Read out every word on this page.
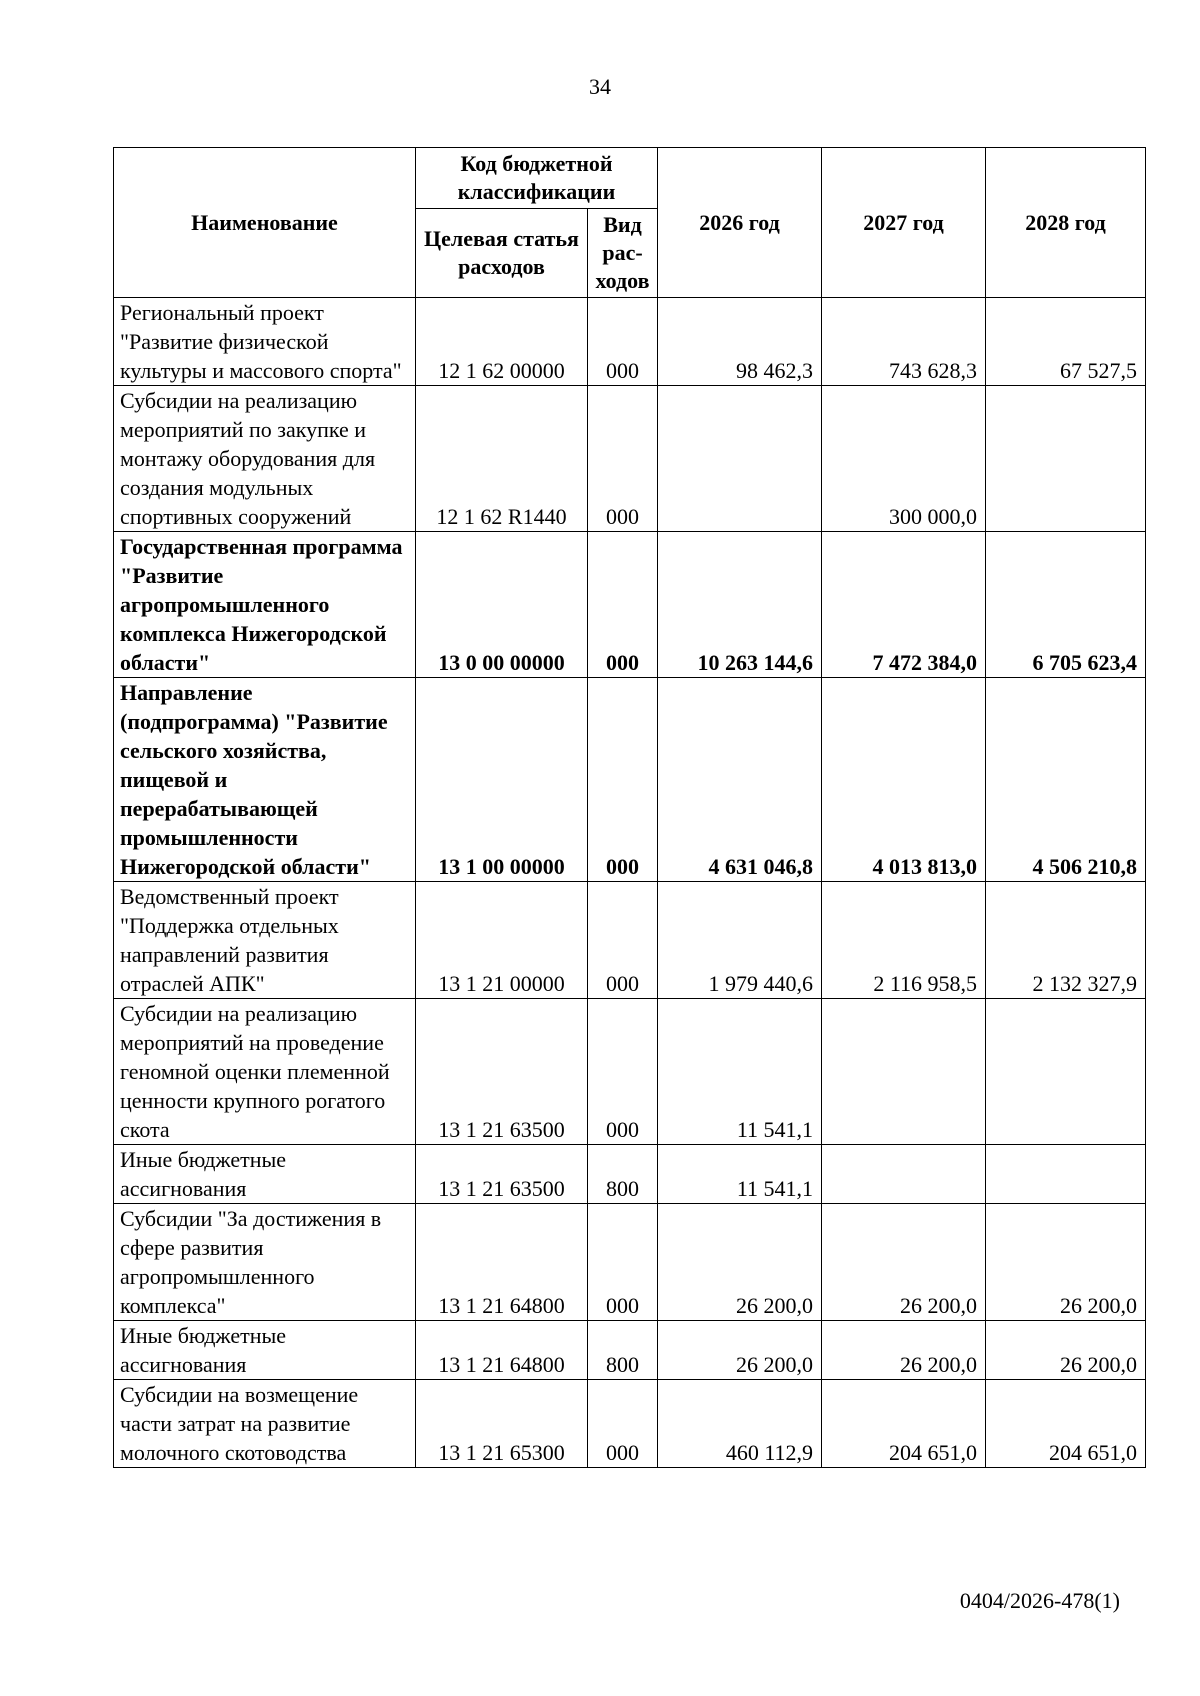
34
Наименование	Код бюджетной классификации		2026 год	2027 год	2028 год
	Целевая статья расходов	Вид рас-ходов			
Региональный проект "Развитие физической культуры и массового спорта"	12 1 62 00000	000	98 462,3	743 628,3	67 527,5
Субсидии на реализацию мероприятий по закупке и монтажу оборудования для создания модульных спортивных сооружений	12 1 62 R1440	000		300 000,0	
Государственная программа "Развитие агропромышленного комплекса Нижегородской области"	13 0 00 00000	000	10 263 144,6	7 472 384,0	6 705 623,4
Направление (подпрограмма) "Развитие сельского хозяйства, пищевой и перерабатывающей промышленности Нижегородской области"	13 1 00 00000	000	4 631 046,8	4 013 813,0	4 506 210,8
Ведомственный проект "Поддержка отдельных направлений развития отраслей АПК"	13 1 21 00000	000	1 979 440,6	2 116 958,5	2 132 327,9
Субсидии на реализацию мероприятий на проведение геномной оценки племенной ценности крупного рогатого скота	13 1 21 63500	000	11 541,1		
Иные бюджетные ассигнования	13 1 21 63500	800	11 541,1		
Субсидии "За достижения в сфере развития агропромышленного комплекса"	13 1 21 64800	000	26 200,0	26 200,0	26 200,0
Иные бюджетные ассигнования	13 1 21 64800	800	26 200,0	26 200,0	26 200,0
Субсидии на возмещение части затрат на развитие молочного скотоводства	13 1 21 65300	000	460 112,9	204 651,0	204 651,0
0404/2026-478(1)
